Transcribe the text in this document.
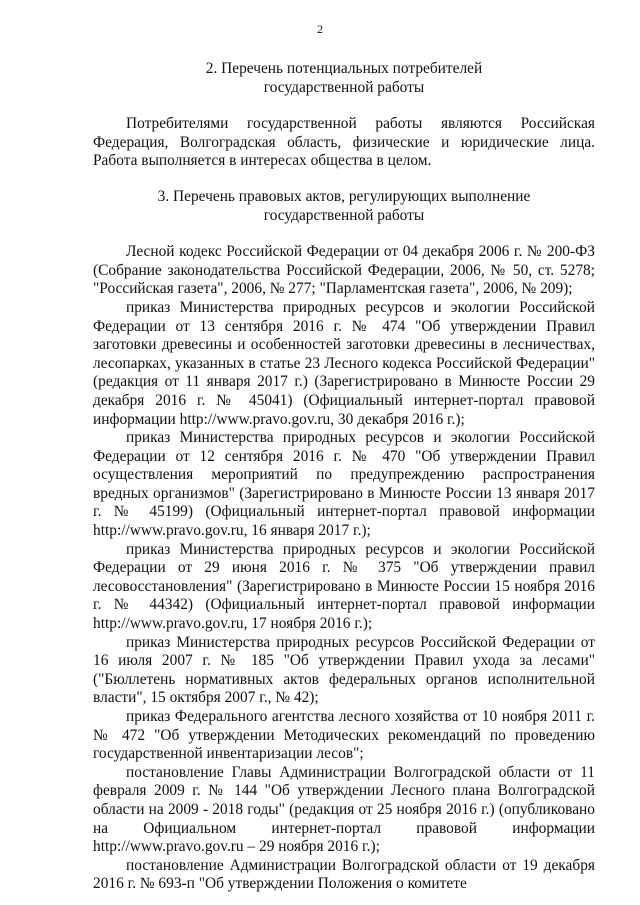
2
2. Перечень потенциальных потребителей
государственной работы

Потребителями государственной работы являются Российская Федерация, Волгоградская область, физические и юридические лица. Работа выполняется в интересах общества в целом.

3. Перечень правовых актов, регулирующих выполнение
государственной работы

Лесной кодекс Российской Федерации от 04 декабря 2006 г. № 200-ФЗ (Собрание законодательства Российской Федерации, 2006, № 50, ст. 5278; "Российская газета", 2006, № 277; "Парламентская газета", 2006, № 209);

приказ Министерства природных ресурсов и экологии Российской Федерации от 13 сентября 2016 г. № 474 "Об утверждении Правил заготовки древесины и особенностей заготовки древесины в лесничествах, лесопарках, указанных в статье 23 Лесного кодекса Российской Федерации" (редакция от 11 января 2017 г.) (Зарегистрировано в Минюсте России 29 декабря 2016 г. № 45041) (Официальный интернет-портал правовой информации http://www.pravo.gov.ru, 30 декабря 2016 г.);

приказ Министерства природных ресурсов и экологии Российской Федерации от 12 сентября 2016 г. № 470 "Об утверждении Правил осуществления мероприятий по предупреждению распространения вредных организмов" (Зарегистрировано в Минюсте России 13 января 2017 г. № 45199) (Официальный интернет-портал правовой информации http://www.pravo.gov.ru, 16 января 2017 г.);

приказ Министерства природных ресурсов и экологии Российской Федерации от 29 июня 2016 г. № 375 "Об утверждении правил лесовосстановления" (Зарегистрировано в Минюсте России 15 ноября 2016 г. № 44342) (Официальный интернет-портал правовой информации http://www.pravo.gov.ru, 17 ноября 2016 г.);

приказ Министерства природных ресурсов Российской Федерации от 16 июля 2007 г. № 185 "Об утверждении Правил ухода за лесами" ("Бюллетень нормативных актов федеральных органов исполнительной власти", 15 октября 2007 г., № 42);

приказ Федерального агентства лесного хозяйства от 10 ноября 2011 г. № 472 "Об утверждении Методических рекомендаций по проведению государственной инвентаризации лесов";

постановление Главы Администрации Волгоградской области от 11 февраля 2009 г. № 144 "Об утверждении Лесного плана Волгоградской области на 2009 - 2018 годы" (редакция от 25 ноября 2016 г.) (опубликовано на Официальном интернет-портал правовой информации http://www.pravo.gov.ru – 29 ноября 2016 г.);

постановление Администрации Волгоградской области от 19 декабря 2016 г. № 693-п "Об утверждении Положения о комитете
